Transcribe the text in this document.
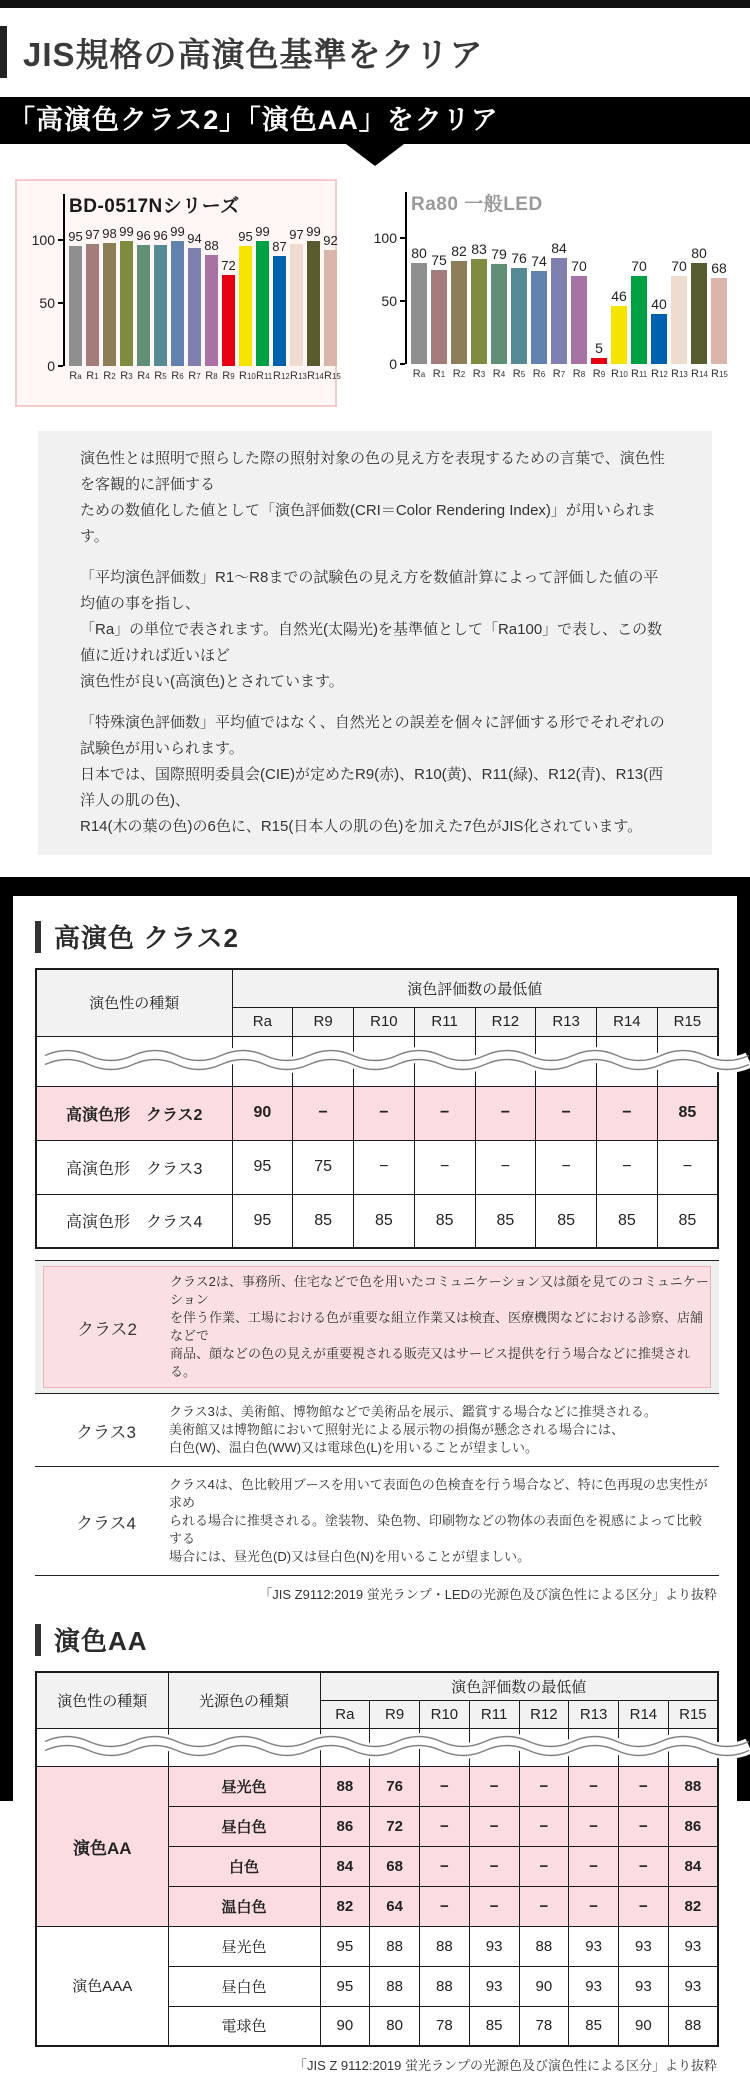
JIS規格の高演色基準をクリア
「高演色クラス2」「演色AA」をクリア
BD-0517Nシリーズ
100
50
0
95 97 98 99 96 96 99 94
88
72
95 99
87
97 99
92
Ra R1 R2 R3 R4 R5 R6 R7 R8 R9 R10 R11 R12 R13 R14 R15
Ra80 一般LED
100
50
0
80 75
82 83 79 76 74
84
70
5
46
70
40
70
80
68
Ra R1 R2 R3 R4 R5 R6 R7 R8 R9 R10 R11 R12 R13 R14 R15

演色性とは照明で照らした際の照射対象の色の見え方を表現するための言葉で、演色性を客観的に評価する
ための数値化した値として「演色評価数(CRI＝Color Rendering Index)」が用いられます。

「平均演色評価数」R1〜R8までの試験色の見え方を数値計算によって評価した値の平均値の事を指し、
「Ra」の単位で表されます。自然光(太陽光)を基準値として「Ra100」で表し、この数値に近ければ近いほど
演色性が良い(高演色)とされています。

「特殊演色評価数」平均値ではなく、自然光との誤差を個々に評価する形でそれぞれの試験色が用いられます。
日本では、国際照明委員会(CIE)が定めたR9(赤)、R10(黄)、R11(緑)、R12(青)、R13(西洋人の肌の色)、
R14(木の葉の色)の6色に、R15(日本人の肌の色)を加えた7色がJIS化されています。

高演色 クラス2
演色性の種類	演色評価数の最低値							
	Ra	R9	R10	R11	R12	R13	R14	R15

高演色形　クラス2	90	−	−	−	−	−	−	85
高演色形　クラス3	95	75	−	−	−	−	−	−
高演色形　クラス4	95	85	85	85	85	85	85	85
クラス2
クラス2は、事務所、住宅などで色を用いたコミュニケーション又は顔を見てのコミュニケーション
を伴う作業、工場における色が重要な組立作業又は検査、医療機関などにおける診察、店舗などで
商品、顔などの色の見えが重要視される販売又はサービス提供を行う場合などに推奨される。
クラス3
クラス3は、美術館、博物館などで美術品を展示、鑑賞する場合などに推奨される。
美術館又は博物館において照射光による展示物の損傷が懸念される場合には、
白色(W)、温白色(WW)又は電球色(L)を用いることが望ましい。
クラス4
クラス4は、色比較用ブースを用いて表面色の色検査を行う場合など、特に色再現の忠実性が求め
られる場合に推奨される。塗装物、染色物、印刷物などの物体の表面色を視感によって比較する
場合には、昼光色(D)又は昼白色(N)を用いることが望ましい。
「JIS Z9112:2019 蛍光ランプ・LEDの光源色及び演色性による区分」より抜粋
演色AA
演色性の種類	光源色の種類	演色評価数の最低値							
		Ra	R9	R10	R11	R12	R13	R14	R15

演色AA	昼光色	88	76	−	−	−	−	−	88
	昼白色	86	72	−	−	−	−	−	86
	白色	84	68	−	−	−	−	−	84
	温白色	82	64	−	−	−	−	−	82
演色AAA	昼光色	95	88	88	93	88	93	93	93
	昼白色	95	88	88	93	90	93	93	93
	電球色	90	80	78	85	78	85	90	88
「JIS Z 9112:2019 蛍光ランプの光源色及び演色性による区分」より抜粋
